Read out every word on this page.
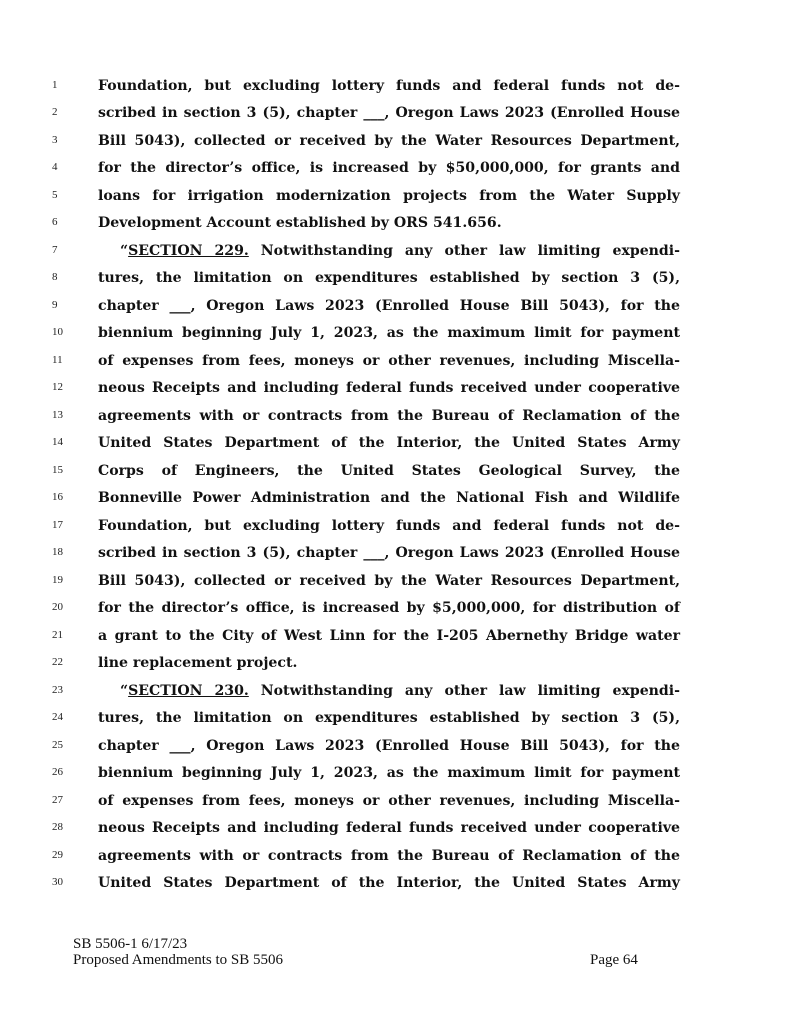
1	Foundation, but excluding lottery funds and federal funds not de-
2	scribed in section 3 (5), chapter ___, Oregon Laws 2023 (Enrolled House
3	Bill 5043), collected or received by the Water Resources Department,
4	for the director’s office, is increased by $50,000,000, for grants and
5	loans for irrigation modernization projects from the Water Supply
6	Development Account established by ORS 541.656.
7	“SECTION 229. Notwithstanding any other law limiting expendi-
8	tures, the limitation on expenditures established by section 3 (5),
9	chapter ___, Oregon Laws 2023 (Enrolled House Bill 5043), for the
10	biennium beginning July 1, 2023, as the maximum limit for payment
11	of expenses from fees, moneys or other revenues, including Miscella-
12	neous Receipts and including federal funds received under cooperative
13	agreements with or contracts from the Bureau of Reclamation of the
14	United States Department of the Interior, the United States Army
15	Corps of Engineers, the United States Geological Survey, the
16	Bonneville Power Administration and the National Fish and Wildlife
17	Foundation, but excluding lottery funds and federal funds not de-
18	scribed in section 3 (5), chapter ___, Oregon Laws 2023 (Enrolled House
19	Bill 5043), collected or received by the Water Resources Department,
20	for the director’s office, is increased by $5,000,000, for distribution of
21	a grant to the City of West Linn for the I-205 Abernethy Bridge water
22	line replacement project.
23	“SECTION 230. Notwithstanding any other law limiting expendi-
24	tures, the limitation on expenditures established by section 3 (5),
25	chapter ___, Oregon Laws 2023 (Enrolled House Bill 5043), for the
26	biennium beginning July 1, 2023, as the maximum limit for payment
27	of expenses from fees, moneys or other revenues, including Miscella-
28	neous Receipts and including federal funds received under cooperative
29	agreements with or contracts from the Bureau of Reclamation of the
30	United States Department of the Interior, the United States Army
SB 5506-1 6/17/23
Proposed Amendments to SB 5506	Page 64
